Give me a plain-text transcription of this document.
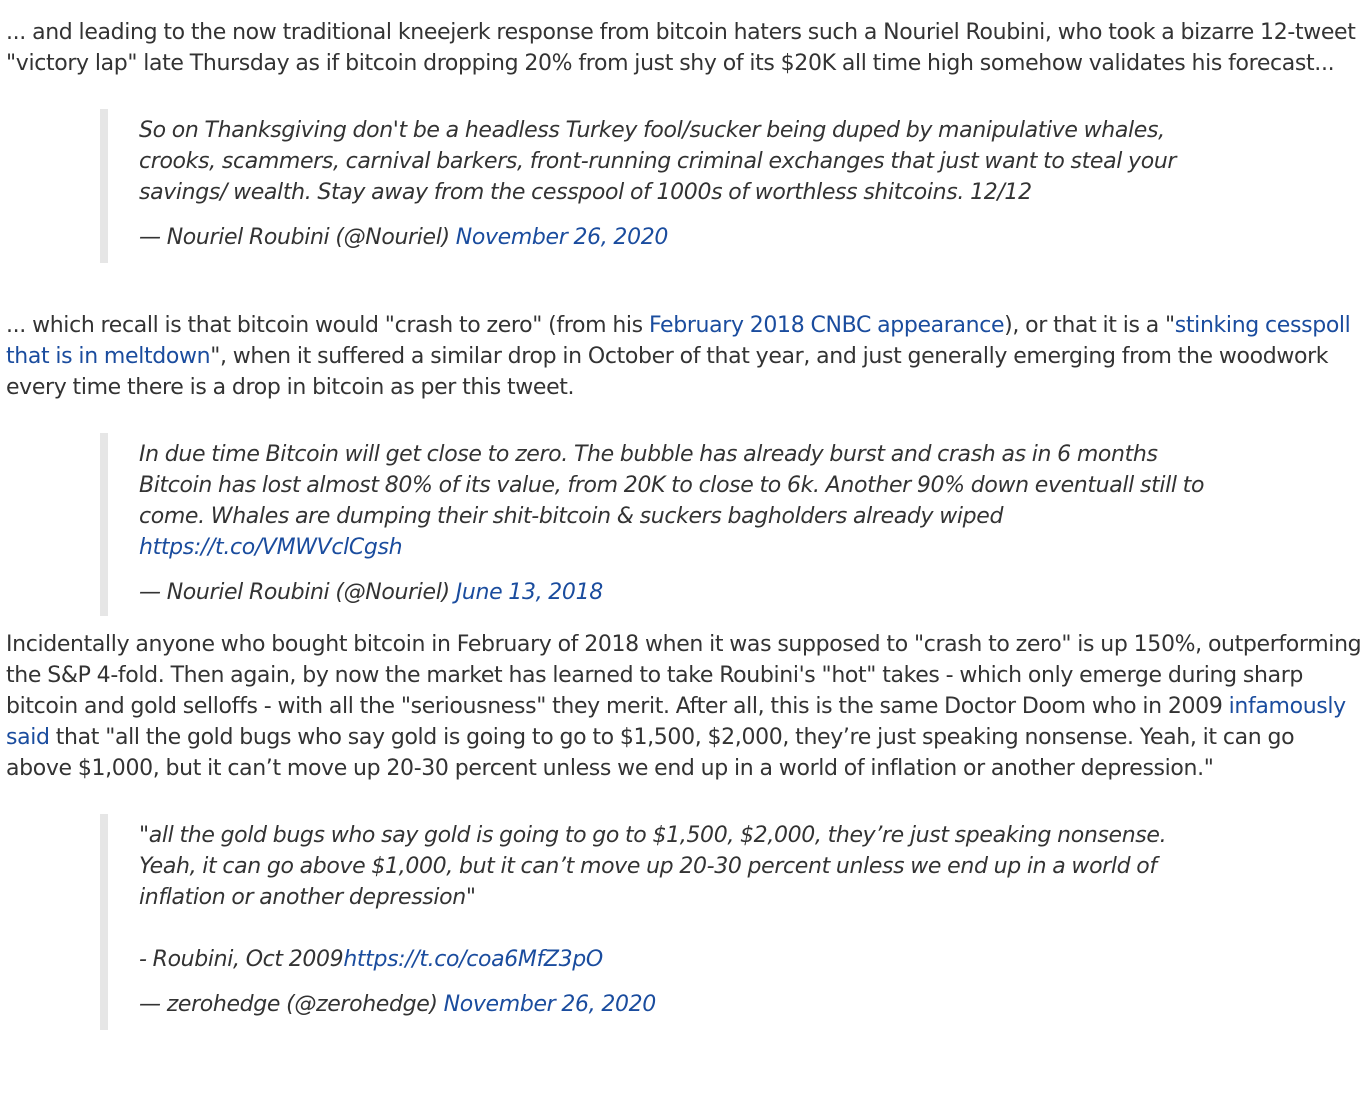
... and leading to the now traditional kneejerk response from bitcoin haters such a Nouriel Roubini, who took a bizarre 12-tweet "victory lap" late Thursday as if bitcoin dropping 20% from just shy of its $20K all time high somehow validates his forecast...

So on Thanksgiving don't be a headless Turkey fool/sucker being duped by manipulative whales, crooks, scammers, carnival barkers, front-running criminal exchanges that just want to steal your savings/ wealth. Stay away from the cesspool of 1000s of worthless shitcoins. 12/12

— Nouriel Roubini (@Nouriel) November 26, 2020

... which recall is that bitcoin would "crash to zero" (from his February 2018 CNBC appearance), or that it is a "stinking cesspoll that is in meltdown", when it suffered a similar drop in October of that year, and just generally emerging from the woodwork every time there is a drop in bitcoin as per this tweet.

In due time Bitcoin will get close to zero. The bubble has already burst and crash as in 6 months Bitcoin has lost almost 80% of its value, from 20K to close to 6k. Another 90% down eventuall still to come. Whales are dumping their shit-bitcoin & suckers bagholders already wiped https://t.co/VMWVclCgsh

— Nouriel Roubini (@Nouriel) June 13, 2018

Incidentally anyone who bought bitcoin in February of 2018 when it was supposed to "crash to zero" is up 150%, outperforming the S&P 4-fold. Then again, by now the market has learned to take Roubini's "hot" takes - which only emerge during sharp bitcoin and gold selloffs - with all the "seriousness" they merit. After all, this is the same Doctor Doom who in 2009 infamously said that "all the gold bugs who say gold is going to go to $1,500, $2,000, they’re just speaking nonsense. Yeah, it can go above $1,000, but it can’t move up 20-30 percent unless we end up in a world of inflation or another depression."

"all the gold bugs who say gold is going to go to $1,500, $2,000, they’re just speaking nonsense. Yeah, it can go above $1,000, but it can’t move up 20-30 percent unless we end up in a world of inflation or another depression"

- Roubini, Oct 2009https://t.co/coa6MfZ3pO

— zerohedge (@zerohedge) November 26, 2020
